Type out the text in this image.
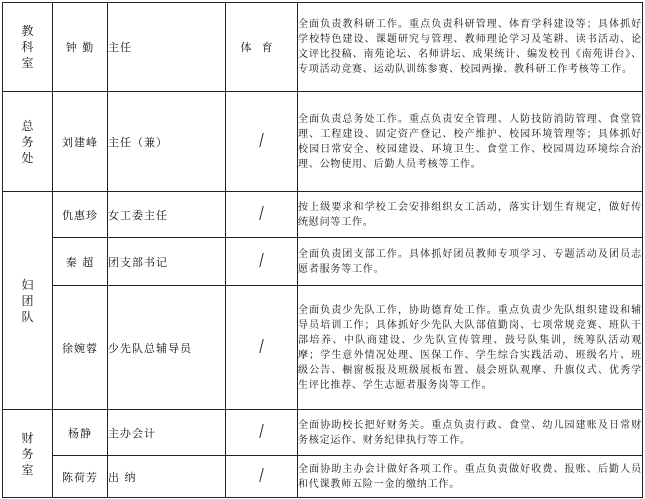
教科室	钟 勤	主任	体育	全面负责教科研工作。重点负责科研管理、体育学科建设等；具体抓好学校特色建设、课题研究与管理、教师理论学习及笔耕、读书活动、论文评比投稿、南苑论坛、名师讲坛、成果统计、编发校刊《南苑讲台》、专项活动竞赛、运动队训练参赛、校园两操、教科研工作考核等工作。
总务处	刘建峰	主任（兼）		全面负责总务处工作。重点负责安全管理、人防技防消防管理、食堂管理、工程建设、固定资产登记、校产维护、校园环境管理等；具体抓好校园日常安全、校园建设、环境卫生、食堂工作、校园周边环境综合治理、公物使用、后勤人员考核等工作。
妇团队	仇惠珍	女工委主任		按上级要求和学校工会安排组织女工活动，落实计划生育规定，做好传统慰问等工作。
	秦 超	团支部书记		全面负责团支部工作。具体抓好团员教师专项学习、专题活动及团员志愿者服务等工作。
	徐婉蓉	少先队总辅导员		全面负责少先队工作，协助德育处工作。重点负责少先队组织建设和辅导员培训工作；具体抓好少先队大队部值勤岗、七项常规竞赛、班队干部培养、中队商建设、少先队宣传管理、鼓号队集训，统筹队活动观摩；学生意外情况处理、医保工作、学生综合实践活动、班级名片、班级公告、橱窗板报及班级展板布置、晨会班队观摩、升旗仪式、优秀学生评比推荐、学生志愿者服务岗等工作。
财务室	杨静	主办会计		全面协助校长把好财务关。重点负责行政、食堂、幼儿园建账及日常财务核定运作、财务纪律执行等工作。
	陈荷芳	出 纳		全面协助主办会计做好各项工作。重点负责做好收费、报账、后勤人员和代课教师五险一金的缴纳工作。
